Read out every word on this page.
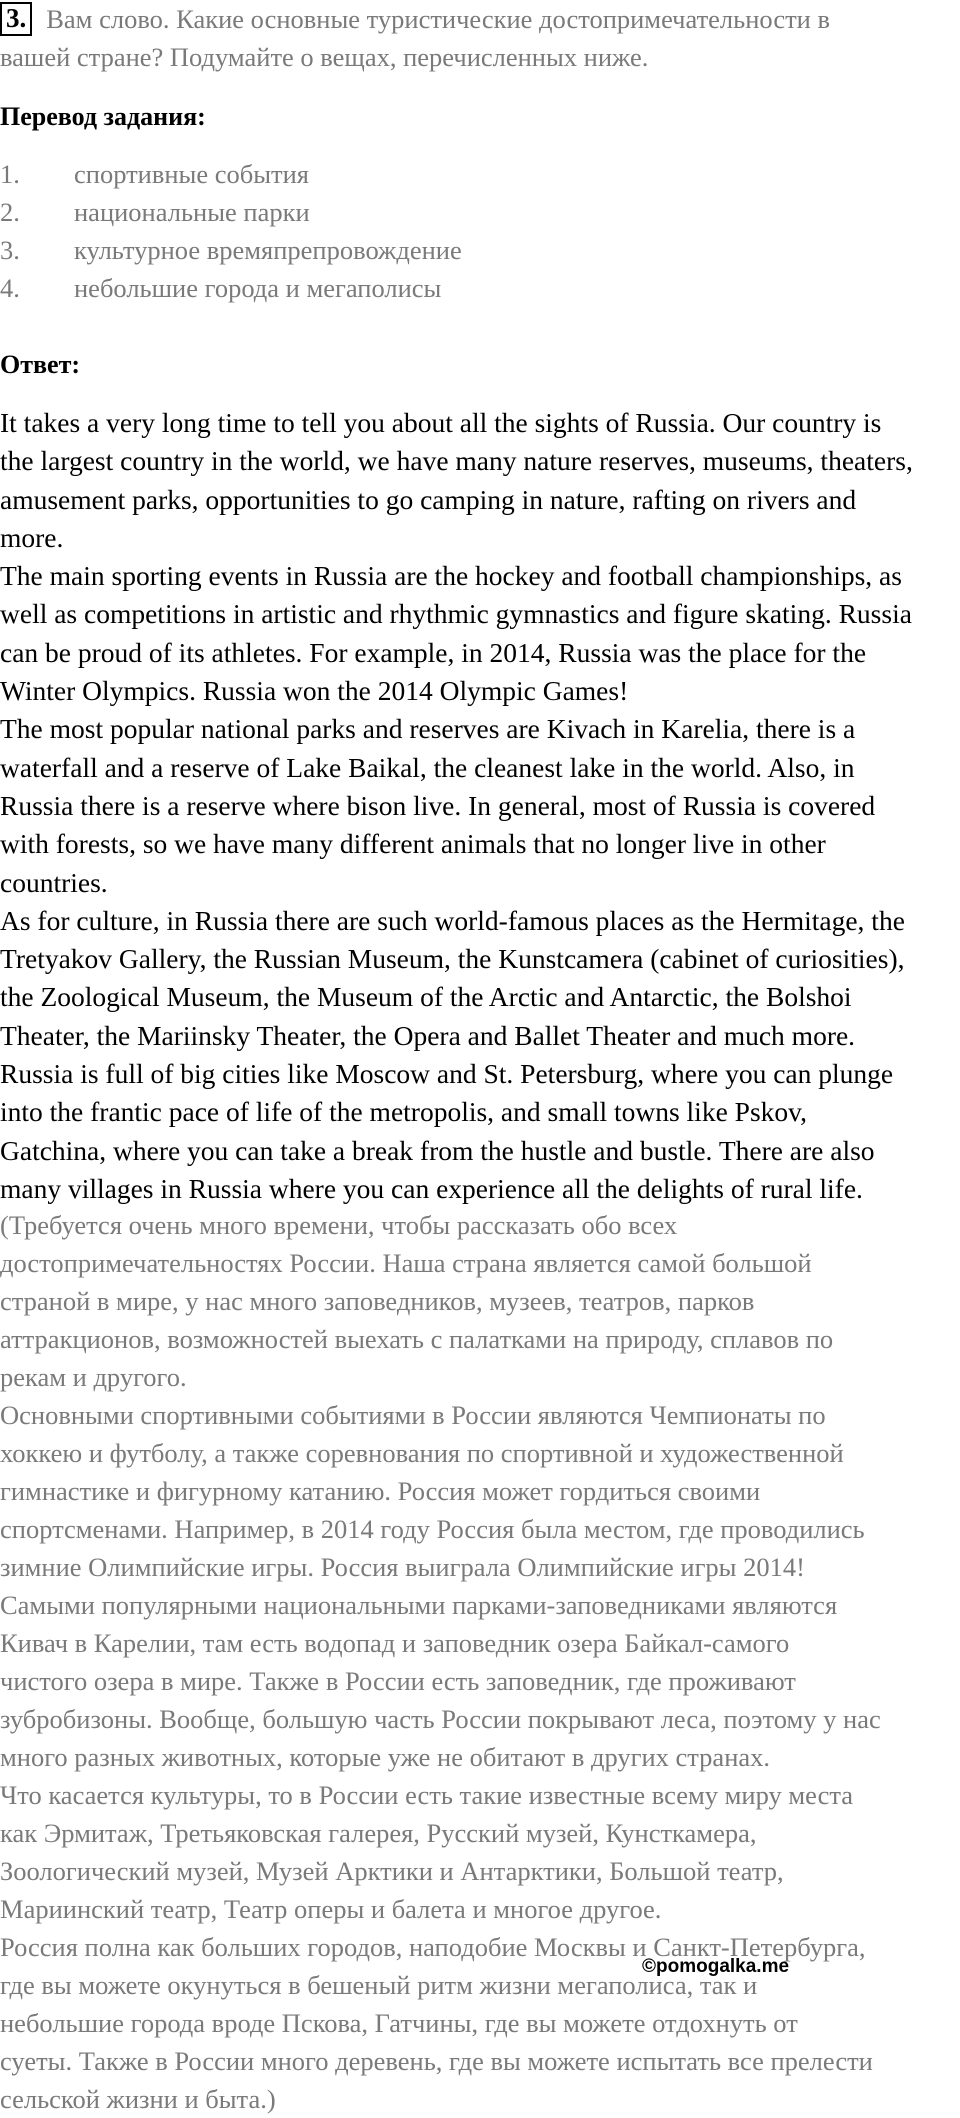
3. Вам слово. Какие основные туристические достопримечательности в
вашей стране? Подумайте о вещах, перечисленных ниже.
Перевод задания:
1. спортивные события
2. национальные парки
3. культурное времяпрепровождение
4. небольшие города и мегаполисы
Ответ:
It takes a very long time to tell you about all the sights of Russia. Our country is
the largest country in the world, we have many nature reserves, museums, theaters,
amusement parks, opportunities to go camping in nature, rafting on rivers and
more.
The main sporting events in Russia are the hockey and football championships, as
well as competitions in artistic and rhythmic gymnastics and figure skating. Russia
can be proud of its athletes. For example, in 2014, Russia was the place for the
Winter Olympics. Russia won the 2014 Olympic Games!
The most popular national parks and reserves are Kivach in Karelia, there is a
waterfall and a reserve of Lake Baikal, the cleanest lake in the world. Also, in
Russia there is a reserve where bison live. In general, most of Russia is covered
with forests, so we have many different animals that no longer live in other
countries.
As for culture, in Russia there are such world-famous places as the Hermitage, the
Tretyakov Gallery, the Russian Museum, the Kunstcamera (cabinet of curiosities),
the Zoological Museum, the Museum of the Arctic and Antarctic, the Bolshoi
Theater, the Mariinsky Theater, the Opera and Ballet Theater and much more.
Russia is full of big cities like Moscow and St. Petersburg, where you can plunge
into the frantic pace of life of the metropolis, and small towns like Pskov,
Gatchina, where you can take a break from the hustle and bustle. There are also
many villages in Russia where you can experience all the delights of rural life.
(Требуется очень много времени, чтобы рассказать обо всех
достопримечательностях России. Наша страна является самой большой
страной в мире, у нас много заповедников, музеев, театров, парков
аттракционов, возможностей выехать с палатками на природу, сплавов по
рекам и другого.
Основными спортивными событиями в России являются Чемпионаты по
хоккею и футболу, а также соревнования по спортивной и художественной
гимнастике и фигурному катанию. Россия может гордиться своими
спортсменами. Например, в 2014 году Россия была местом, где проводились
зимние Олимпийские игры. Россия выиграла Олимпийские игры 2014!
Самыми популярными национальными парками-заповедниками являются
Кивач в Карелии, там есть водопад и заповедник озера Байкал-самого
чистого озера в мире. Также в России есть заповедник, где проживают
зубробизоны. Вообще, большую часть России покрывают леса, поэтому у нас
много разных животных, которые уже не обитают в других странах.
Что касается культуры, то в России есть такие известные всему миру места
как Эрмитаж, Третьяковская галерея, Русский музей, Кунсткамера,
Зоологический музей, Музей Арктики и Антарктики, Большой театр,
Мариинский театр, Театр оперы и балета и многое другое.
Россия полна как больших городов, наподобие Москвы и Санкт-Петербурга,
где вы можете окунуться в бешеный ритм жизни мегаполиса, так и
небольшие города вроде Пскова, Гатчины, где вы можете отдохнуть от
суеты. Также в России много деревень, где вы можете испытать все прелести
сельской жизни и быта.)
©pomogalka.me
